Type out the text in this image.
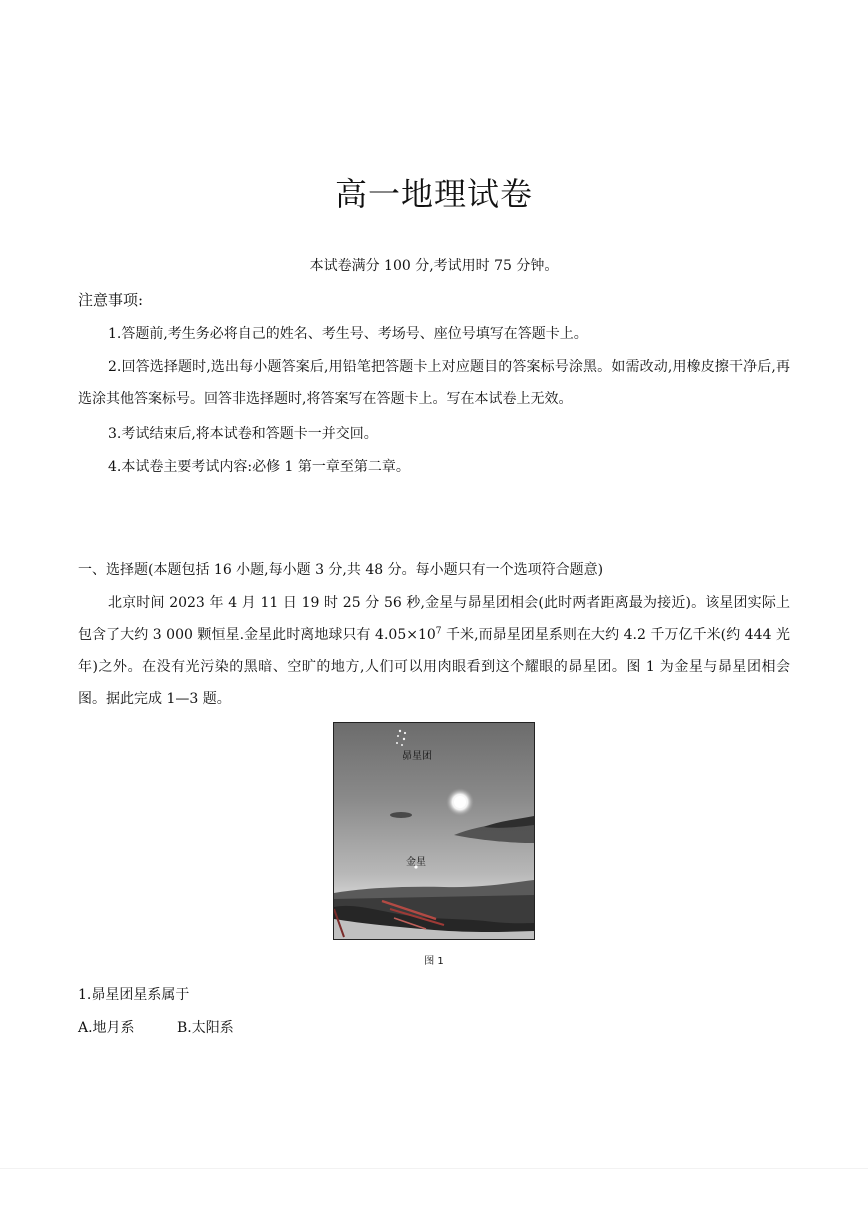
高一地理试卷
本试卷满分 100 分,考试用时 75 分钟。
注意事项:
1.答题前,考生务必将自己的姓名、考生号、考场号、座位号填写在答题卡上。

2.回答选择题时,选出每小题答案后,用铅笔把答题卡上对应题目的答案标号涂黑。如需改动,用橡皮擦干净后,再选涂其他答案标号。回答非选择题时,将答案写在答题卡上。写在本试卷上无效。

3.考试结束后,将本试卷和答题卡一并交回。
4.本试卷主要考试内容:必修 1 第一章至第二章。
一、选择题(本题包括 16 小题,每小题 3 分,共 48 分。每小题只有一个选项符合题意)

北京时间 2023 年 4 月 11 日 19 时 25 分 56 秒,金星与昴星团相会(此时两者距离最为接近)。该星团实际上包含了大约 3 000 颗恒星.金星此时离地球只有 $4.05\times 10^7$ 千米,而昴星团星系则在大约 4.2 千万亿千米(约 444 光年)之外。在没有光污染的黑暗、空旷的地方,人们可以用肉眼看到这个耀眼的昴星团。图 1 为金星与昴星团相会图。据此完成 1—3 题。

昴星团
金星
图 1
1.昴星团星系属于
A.地月系	B.太阳系
